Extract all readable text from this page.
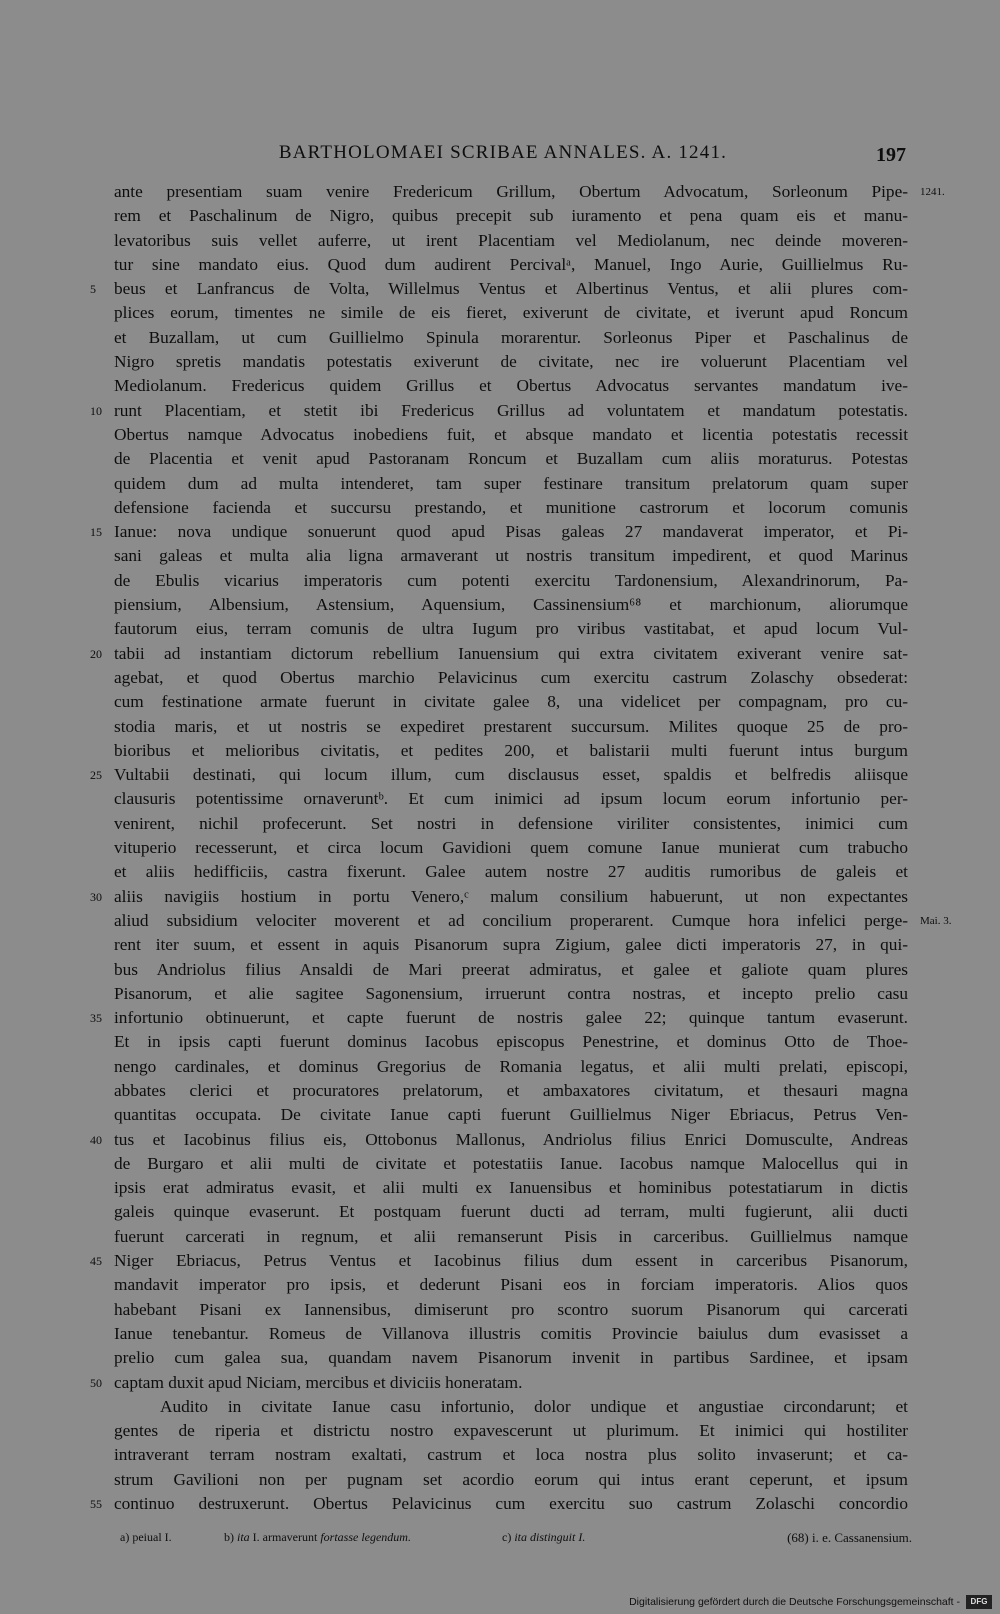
BARTHOLOMAEI SCRIBAE ANNALES. A. 1241.	197
ante presentiam suam venire Fredericum Grillum, Obertum Advocatum, Sorleonum Pipe- 1241.
rem et Paschalinum de Nigro, quibus precepit sub iuramento et pena quam eis et manu-
levatoribus suis vellet auferre, ut irent Placentiam vel Mediolanum, nec deinde moveren-
tur sine mandato eius. Quod dum audirent Percivalᵃ, Manuel, Ingo Aurie, Guillielmus Ru-
5	beus et Lanfrancus de Volta, Willelmus Ventus et Albertinus Ventus, et alii plures com-
plices eorum, timentes ne simile de eis fieret, exiverunt de civitate, et iverunt apud Roncum
et Buzallam, ut cum Guillielmo Spinula morarentur. Sorleonus Piper et Paschalinus de
Nigro spretis mandatis potestatis exiverunt de civitate, nec ire voluerunt Placentiam vel
Mediolanum. Fredericus quidem Grillus et Obertus Advocatus servantes mandatum ive-
10 runt Placentiam, et stetit ibi Fredericus Grillus ad voluntatem et mandatum potestatis.
Obertus namque Advocatus inobediens fuit, et absque mandato et licentia potestatis recessit
de Placentia et venit apud Pastoranam Roncum et Buzallam cum aliis moraturus. Potestas
quidem dum ad multa intenderet, tam super festinare transitum prelatorum quam super
defensione facienda et succursu prestando, et munitione castrorum et locorum comunis
15 Ianue: nova undique sonuerunt quod apud Pisas galeas 27 mandaverat imperator, et Pi-
sani galeas et multa alia ligna armaverant ut nostris transitum impedirent, et quod Marinus
de Ebulis vicarius imperatoris cum potenti exercitu Tardonensium, Alexandrinorum, Pa-
piensium, Albensium, Astensium, Aquensium, Cassinensium⁶⁸ et marchionum, aliorumque
fautorum eius, terram comunis de ultra Iugum pro viribus vastitabat, et apud locum Vul-
20 tabii ad instantiam dictorum rebellium Ianuensium qui extra civitatem exiverant venire sat-
agebat, et quod Obertus marchio Pelavicinus cum exercitu castrum Zolaschy obsederat:
cum festinatione armate fuerunt in civitate galee 8, una videlicet per compagnam, pro cu-
stodia maris, et ut nostris se expediret prestarent succursum. Milites quoque 25 de pro-
bioribus et melioribus civitatis, et pedites 200, et balistarii multi fuerunt intus burgum
25 Vultabii destinati, qui locum illum, cum disclausus esset, spaldis et belfredis aliisque
clausuris potentissime ornaveruntᵇ. Et cum inimici ad ipsum locum eorum infortunio per-
venirent, nichil profecerunt. Set nostri in defensione viriliter consistentes, inimici cum
vituperio recesserunt, et circa locum Gavidioni quem comune Ianue munierat cum trabucho
et aliis hedifficiis, castra fixerunt. Galee autem nostre 27 auditis rumoribus de galeis et
30 aliis navigiis hostium in portu Venero,ᶜ malum consilium habuerunt, ut non expectantes
aliud subsidium velociter moverent et ad concilium properarent. Cumque hora infelici perge- Mai. 3.
rent iter suum, et essent in aquis Pisanorum supra Zigium, galee dicti imperatoris 27, in qui-
bus Andriolus filius Ansaldi de Mari preerat admiratus, et galee et galiote quam plures
Pisanorum, et alie sagitee Sagonensium, irruerunt contra nostras, et incepto prelio casu
35 infortunio obtinuerunt, et capte fuerunt de nostris galee 22; quinque tantum evaserunt.
Et in ipsis capti fuerunt dominus Iacobus episcopus Penestrine, et dominus Otto de Thoe-
nengo cardinales, et dominus Gregorius de Romania legatus, et alii multi prelati, episcopi,
abbates clerici et procuratores prelatorum, et ambaxatores civitatum, et thesauri magna
quantitas occupata. De civitate Ianue capti fuerunt Guillielmus Niger Ebriacus, Petrus Ven-
40 tus et Iacobinus filius eis, Ottobonus Mallonus, Andriolus filius Enrici Domusculte, Andreas
de Burgaro et alii multi de civitate et potestatiis Ianue. Iacobus namque Malocellus qui in
ipsis erat admiratus evasit, et alii multi ex Ianuensibus et hominibus potestatiarum in dictis
galeis quinque evaserunt. Et postquam fuerunt ducti ad terram, multi fugierunt, alii ducti
fuerunt carcerati in regnum, et alii remanserunt Pisis in carceribus. Guillielmus namque
45 Niger Ebriacus, Petrus Ventus et Iacobinus filius dum essent in carceribus Pisanorum,
mandavit imperator pro ipsis, et dederunt Pisani eos in forciam imperatoris. Alios quos
habebant Pisani ex Iannensibus, dimiserunt pro scontro suorum Pisanorum qui carcerati
Ianue tenebantur. Romeus de Villanova illustris comitis Provincie baiulus dum evasisset a
prelio cum galea sua, quandam navem Pisanorum invenit in partibus Sardinee, et ipsam
50 captam duxit apud Niciam, mercibus et diviciis honeratam.
Audito in civitate Ianue casu infortunio, dolor undique et angustiae circondarunt; et
gentes de riperia et districtu nostro expavescerunt ut plurimum. Et inimici qui hostiliter
intraverant terram nostram exaltati, castrum et loca nostra plus solito invaserunt; et ca-
strum Gavilioni non per pugnam set acordio eorum qui intus erant ceperunt, et ipsum
55 continuo destruxerunt. Obertus Pelavicinus cum exercitu suo castrum Zolaschi concordio
a) peiual I.	b) ita I. armaverunt fortasse legendum.	c) ita distinguit I.	(68) i. e. Cassanensium.
Digitalisierung gefördert durch die Deutsche Forschungsgemeinschaft -	DFG
